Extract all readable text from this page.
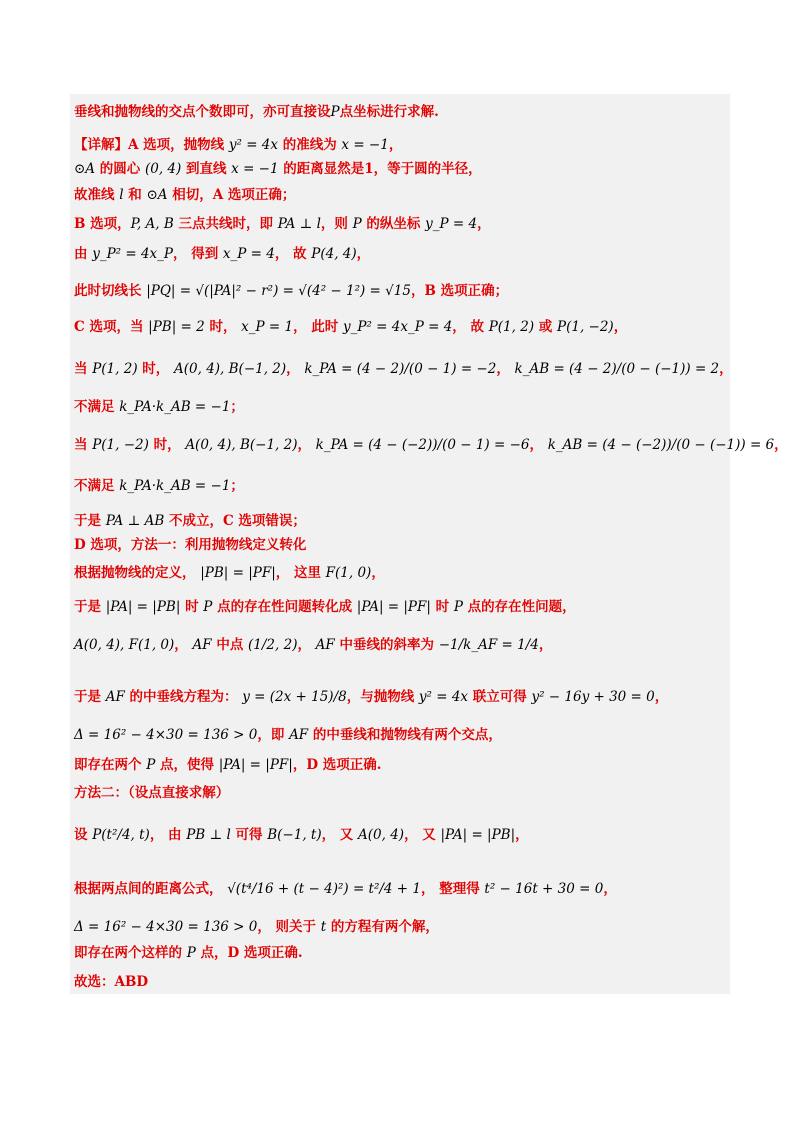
垂线和抛物线的交点个数即可，亦可直接设P点坐标进行求解.
【详解】A 选项，抛物线 y² = 4x 的准线为 x = −1，
⊙A 的圆心 (0, 4) 到直线 x = −1 的距离显然是1，等于圆的半径，
故准线 l 和 ⊙A 相切，A 选项正确；
B 选项，P, A, B 三点共线时，即 PA ⊥ l，则 P 的纵坐标 y_P = 4，
由 y_P² = 4x_P， 得到 x_P = 4， 故 P(4, 4)，
此时切线长 |PQ| = √(|PA|² − r²) = √(4² − 1²) = √15，B 选项正确；
C 选项，当 |PB| = 2 时， x_P = 1， 此时 y_P² = 4x_P = 4， 故 P(1, 2) 或 P(1, −2)，
当 P(1, 2) 时， A(0, 4), B(−1, 2)， k_PA = (4 − 2)/(0 − 1) = −2， k_AB = (4 − 2)/(0 − (−1)) = 2，
不满足 k_PA·k_AB = −1；
当 P(1, −2) 时， A(0, 4), B(−1, 2)， k_PA = (4 − (−2))/(0 − 1) = −6， k_AB = (4 − (−2))/(0 − (−1)) = 6，
不满足 k_PA·k_AB = −1；
于是 PA ⊥ AB 不成立，C 选项错误；
D 选项，方法一：利用抛物线定义转化
根据抛物线的定义， |PB| = |PF|， 这里 F(1, 0)，
于是 |PA| = |PB| 时 P 点的存在性问题转化成 |PA| = |PF| 时 P 点的存在性问题，
A(0, 4), F(1, 0)， AF 中点 (1/2, 2)， AF 中垂线的斜率为 −1/k_AF = 1/4，
于是 AF 的中垂线方程为： y = (2x + 15)/8，与抛物线 y² = 4x 联立可得 y² − 16y + 30 = 0，
Δ = 16² − 4×30 = 136 > 0，即 AF 的中垂线和抛物线有两个交点，
即存在两个 P 点，使得 |PA| = |PF|，D 选项正确.
方法二：（设点直接求解）
设 P(t²/4, t)， 由 PB ⊥ l 可得 B(−1, t)， 又 A(0, 4)， 又 |PA| = |PB|，
根据两点间的距离公式， √(t⁴/16 + (t − 4)²) = t²/4 + 1， 整理得 t² − 16t + 30 = 0，
Δ = 16² − 4×30 = 136 > 0， 则关于 t 的方程有两个解，
即存在两个这样的 P 点，D 选项正确.
故选：ABD
